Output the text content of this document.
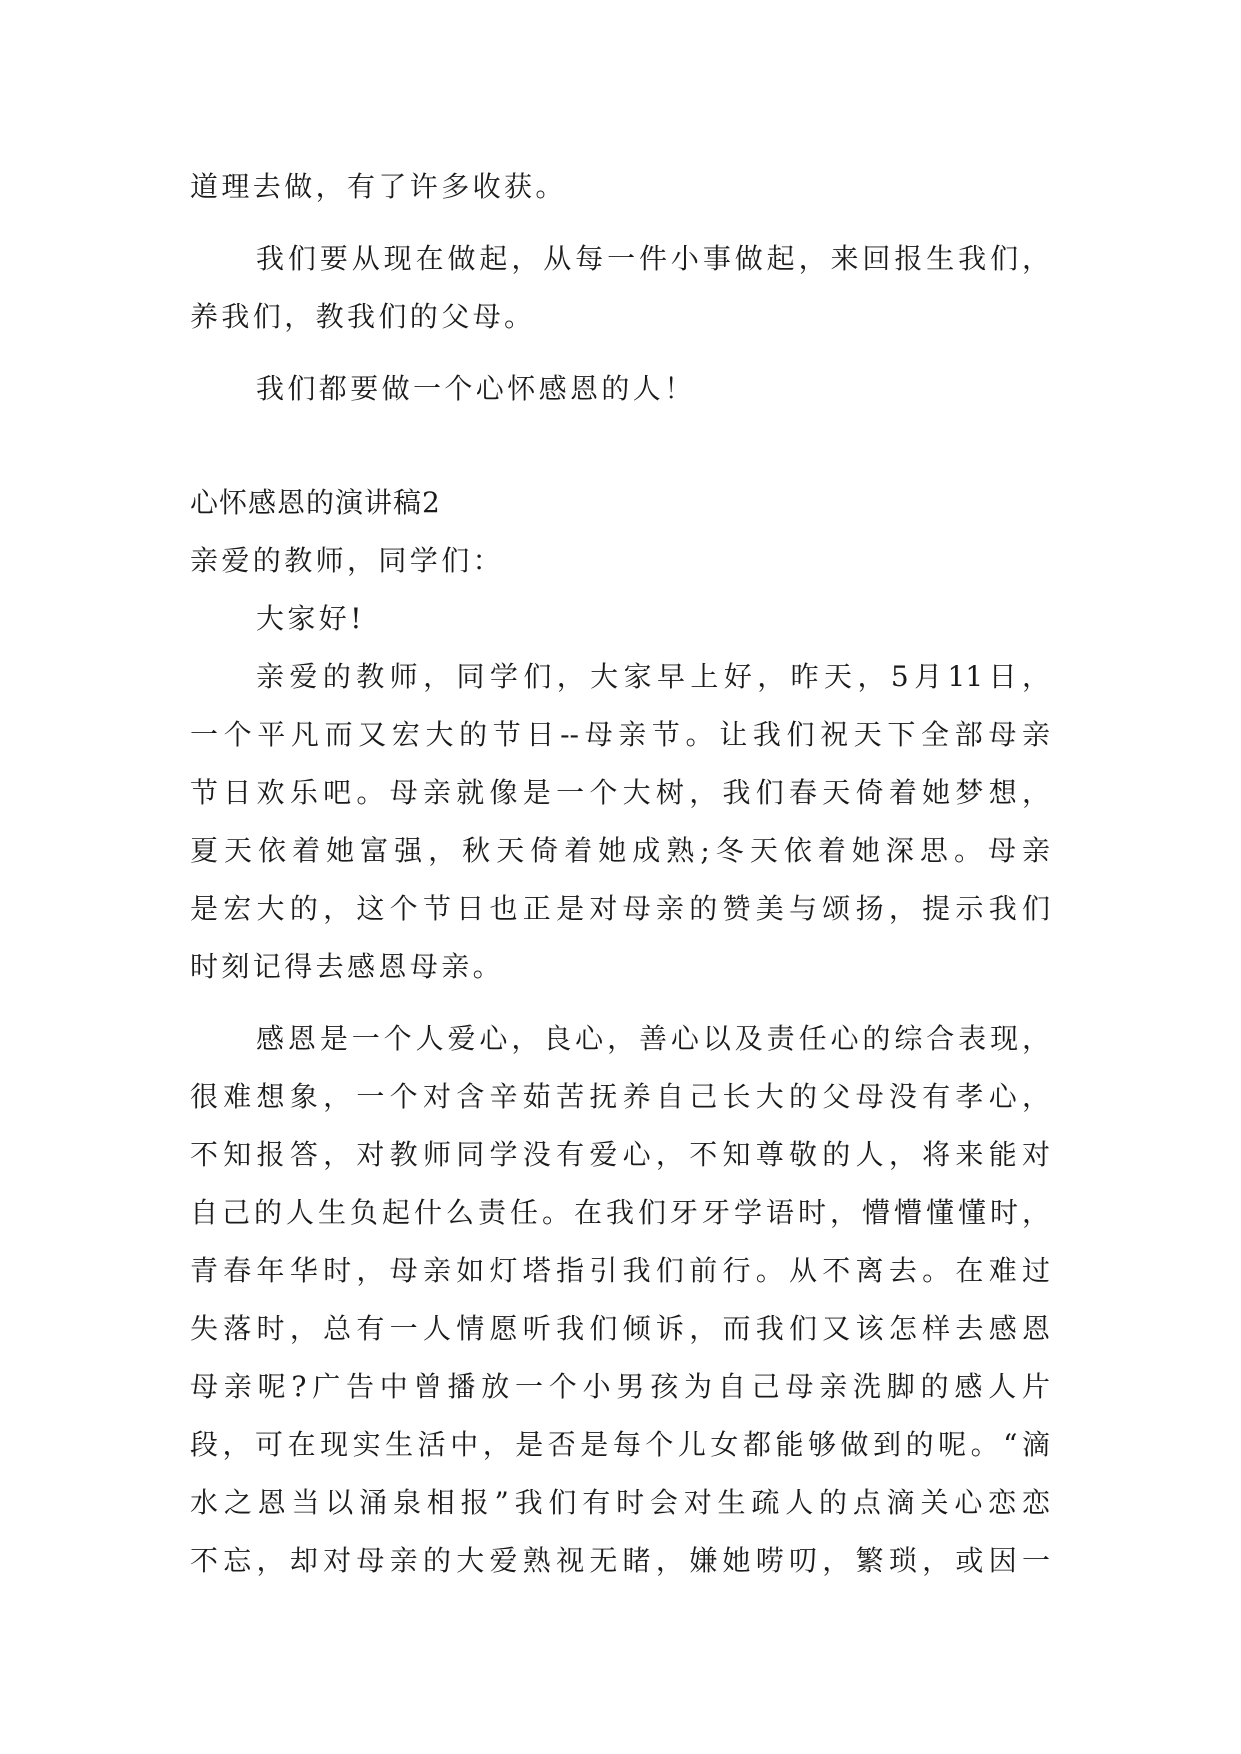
道理去做，有了许多收获。
我们要从现在做起，从每一件小事做起，来回报生我们，
养我们，教我们的父母。
我们都要做一个心怀感恩的人！
心怀感恩的演讲稿2
亲爱的教师，同学们：
大家好!
亲爱的教师，同学们，大家早上好，昨天，5月11日，
一个平凡而又宏大的节日--母亲节。让我们祝天下全部母亲
节日欢乐吧。母亲就像是一个大树，我们春天倚着她梦想，
夏天依着她富强，秋天倚着她成熟;冬天依着她深思。母亲
是宏大的，这个节日也正是对母亲的赞美与颂扬，提示我们
时刻记得去感恩母亲。
感恩是一个人爱心，良心，善心以及责任心的综合表现，
很难想象，一个对含辛茹苦抚养自己长大的父母没有孝心，
不知报答，对教师同学没有爱心，不知尊敬的人，将来能对
自己的人生负起什么责任。在我们牙牙学语时，懵懵懂懂时，
青春年华时，母亲如灯塔指引我们前行。从不离去。在难过
失落时，总有一人情愿听我们倾诉，而我们又该怎样去感恩
母亲呢?广告中曾播放一个小男孩为自己母亲洗脚的感人片
段，可在现实生活中，是否是每个儿女都能够做到的呢。“滴
水之恩当以涌泉相报”我们有时会对生疏人的点滴关心恋恋
不忘，却对母亲的大爱熟视无睹，嫌她唠叨，繁琐，或因一
